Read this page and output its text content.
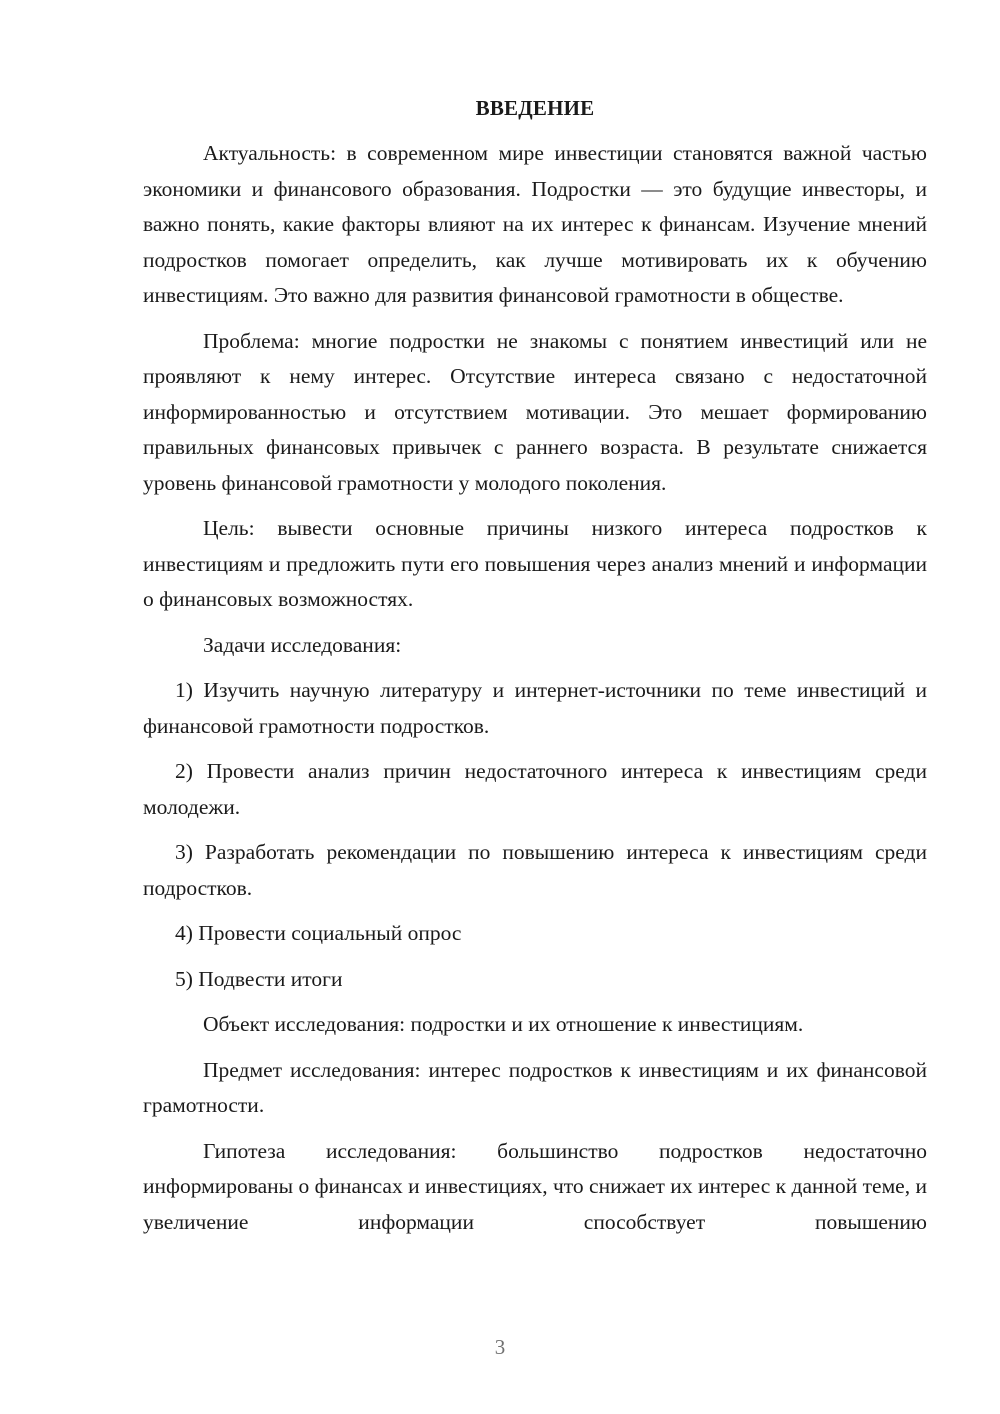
ВВЕДЕНИЕ

Актуальность: в современном мире инвестиции становятся важной частью экономики и финансового образования. Подростки — это будущие инвесторы, и важно понять, какие факторы влияют на их интерес к финансам. Изучение мнений подростков помогает определить, как лучше мотивировать их к обучению инвестициям. Это важно для развития финансовой грамотности в обществе.

Проблема: многие подростки не знакомы с понятием инвестиций или не проявляют к нему интерес. Отсутствие интереса связано с недостаточной информированностью и отсутствием мотивации. Это мешает формированию правильных финансовых привычек с раннего возраста. В результате снижается уровень финансовой грамотности у молодого поколения.

Цель: вывести основные причины низкого интереса подростков к инвестициям и предложить пути его повышения через анализ мнений и информации о финансовых возможностях.

Задачи исследования:

1) Изучить научную литературу и интернет-источники по теме инвестиций и финансовой грамотности подростков.

2) Провести анализ причин недостаточного интереса к инвестициям среди молодежи.

3) Разработать рекомендации по повышению интереса к инвестициям среди подростков.

4) Провести социальный опрос

5) Подвести итоги

Объект исследования: подростки и их отношение к инвестициям.

Предмет исследования: интерес подростков к инвестициям и их финансовой грамотности.

Гипотеза исследования: большинство подростков недостаточно информированы о финансах и инвестициях, что снижает их интерес к данной теме, и увеличение информации способствует повышению

3
